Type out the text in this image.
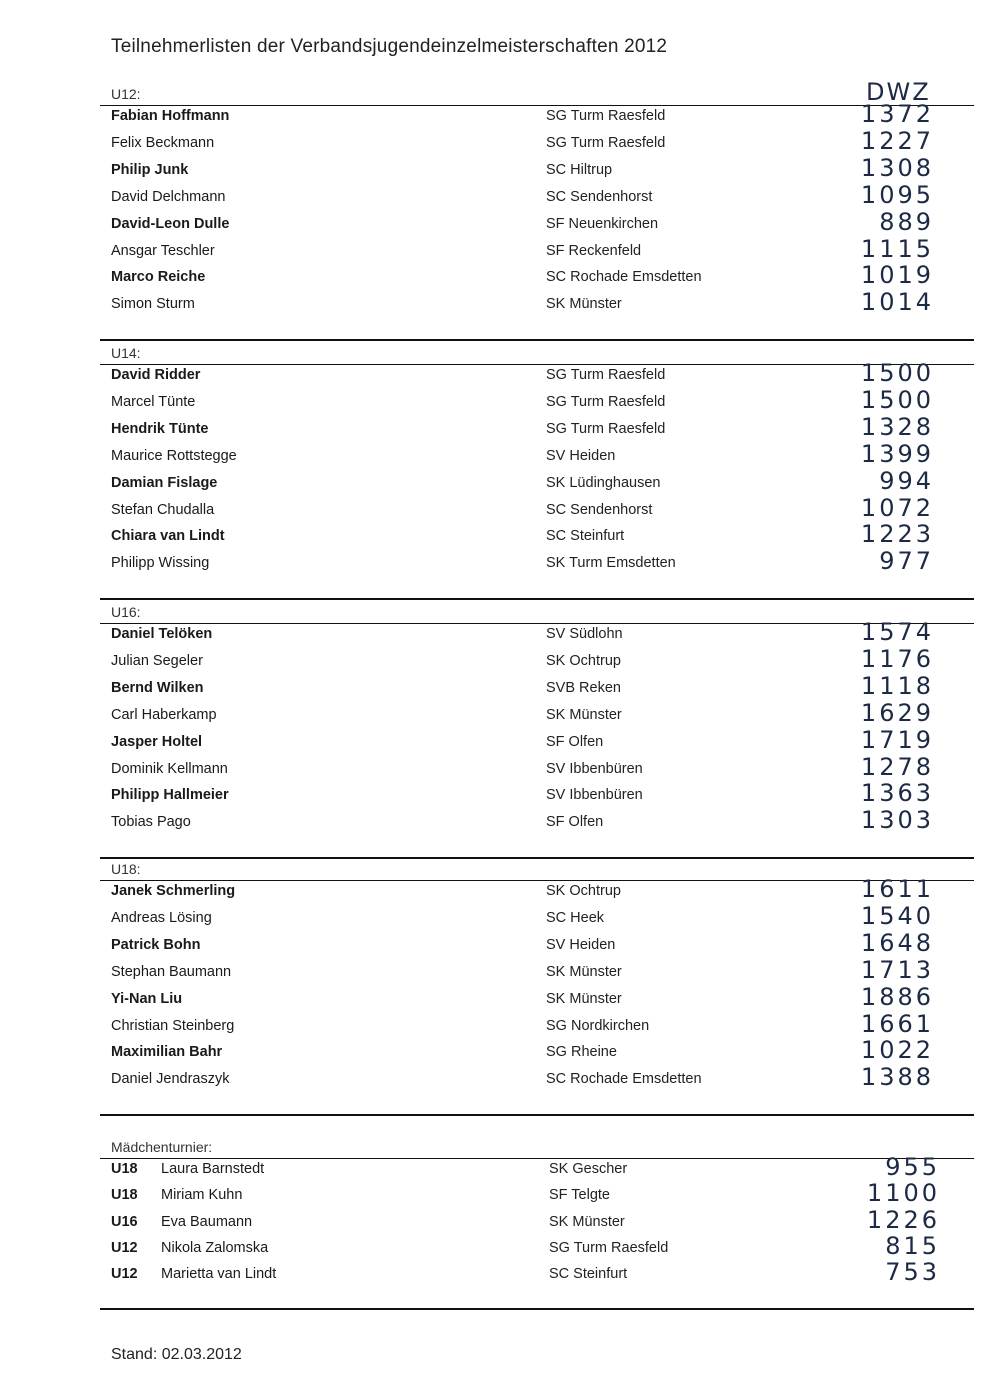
Teilnehmerlisten der Verbandsjugendeinzelmeisterschaften 2012
DWZ
U12:
Fabian Hoffmann	SG Turm Raesfeld	1372
Felix Beckmann	SG Turm Raesfeld	1227
Philip Junk	SC Hiltrup	1308
David Delchmann	SC Sendenhorst	1095
David-Leon Dulle	SF Neuenkirchen	889
Ansgar Teschler	SF Reckenfeld	1115
Marco Reiche	SC Rochade Emsdetten	1019
Simon Sturm	SK Münster	1014
U14:
David Ridder	SG Turm Raesfeld	1500
Marcel Tünte	SG Turm Raesfeld	1500
Hendrik Tünte	SG Turm Raesfeld	1328
Maurice Rottstegge	SV Heiden	1399
Damian Fislage	SK Lüdinghausen	994
Stefan Chudalla	SC Sendenhorst	1072
Chiara van Lindt	SC Steinfurt	1223
Philipp Wissing	SK Turm Emsdetten	977
U16:
Daniel Telöken	SV Südlohn	1574
Julian Segeler	SK Ochtrup	1176
Bernd Wilken	SVB Reken	1118
Carl Haberkamp	SK Münster	1629
Jasper Holtel	SF Olfen	1719
Dominik Kellmann	SV Ibbenbüren	1278
Philipp Hallmeier	SV Ibbenbüren	1363
Tobias Pago	SF Olfen	1303
U18:
Janek Schmerling	SK Ochtrup	1611
Andreas Lösing	SC Heek	1540
Patrick Bohn	SV Heiden	1648
Stephan Baumann	SK Münster	1713
Yi-Nan Liu	SK Münster	1886
Christian Steinberg	SG Nordkirchen	1661
Maximilian Bahr	SG Rheine	1022
Daniel Jendraszyk	SC Rochade Emsdetten	1388
Mädchenturnier:
U18 Laura Barnstedt	SK Gescher	955
U18 Miriam Kuhn	SF Telgte	1100
U16 Eva Baumann	SK Münster	1226
U12 Nikola Zalomska	SG Turm Raesfeld	815
U12 Marietta van Lindt	SC Steinfurt	753
Stand: 02.03.2012
